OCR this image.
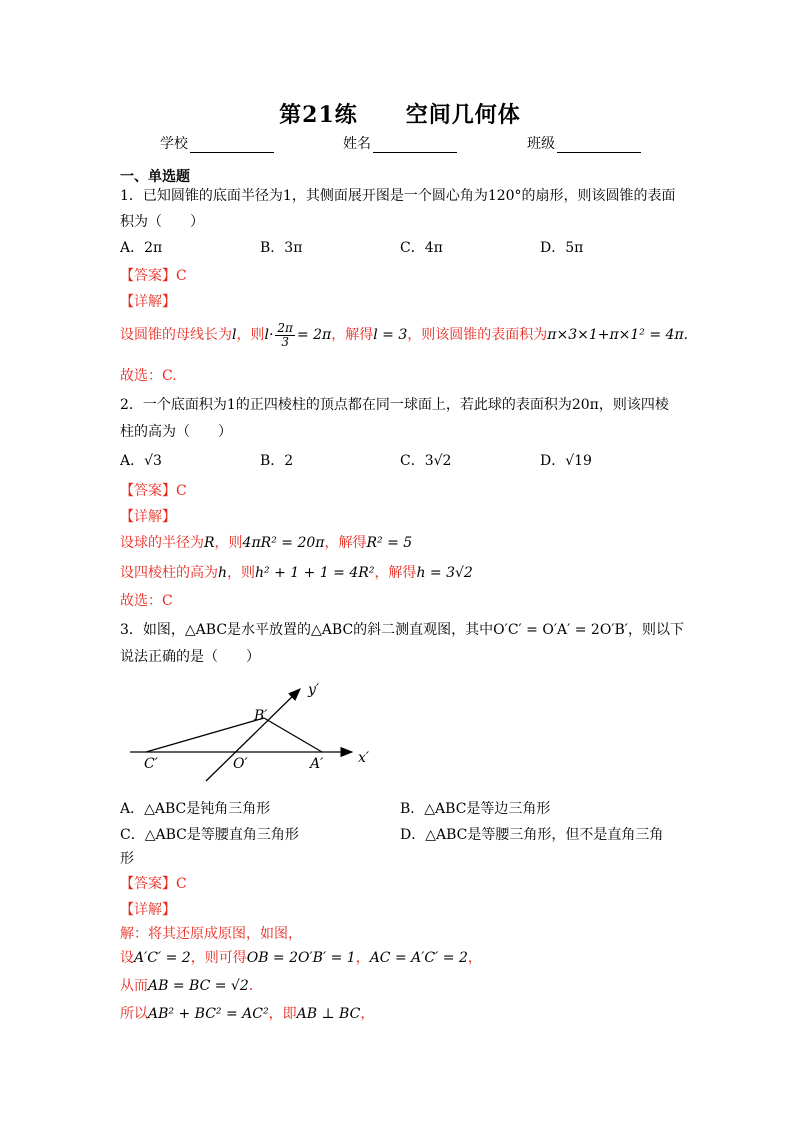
第21练 空间几何体
学校	姓名	班级
一、单选题
1．已知圆锥的底面半径为1，其侧面展开图是一个圆心角为120°的扇形，则该圆锥的表面
积为（　　）
A．2π	B．3π	C．4π	D．5π
【答案】C
【详解】
设圆锥的母线长为l，则$l\cdot \frac{2\pi}{3} = 2\pi$，解得l = 3，则该圆锥的表面积为π×3×1+π×1² = 4π.
故选：C.
2．一个底面积为1的正四棱柱的顶点都在同一球面上，若此球的表面积为20π，则该四棱
柱的高为（　　）
A．√3	B．2	C．3√2	D．√19
【答案】C
【详解】
设球的半径为R，则4πR² = 20π，解得R² = 5
设四棱柱的高为h，则h² + 1 + 1 = 4R²，解得h = 3√2
故选：C
3．如图，△ABC是水平放置的△ABC的斜二测直观图，其中O′C′ = O′A′ = 2O′B′，则以下
说法正确的是（　　）
B′
C′	O′	A′ x′
y′
A．△ABC是钝角三角形	B．△ABC是等边三角形
C．△ABC是等腰直角三角形	D．△ABC是等腰三角形，但不是直角三角
形
【答案】C
【详解】
解：将其还原成原图，如图，
设A′C′ = 2，则可得OB = 2O′B′ = 1，AC = A′C′ = 2，
从而AB = BC = √2．
所以AB² + BC² = AC²，即AB ⊥ BC，
